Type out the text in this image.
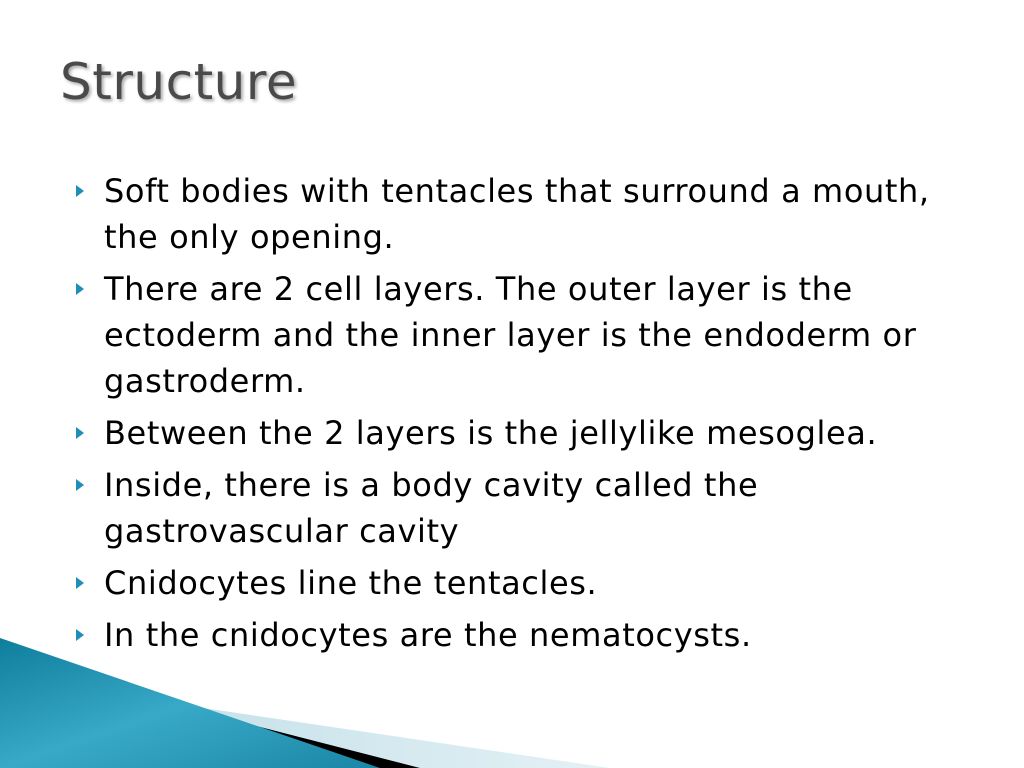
Structure
Soft bodies with tentacles that surround a mouth, the only opening.
There are 2 cell layers. The outer layer is the ectoderm and the inner layer is the endoderm or gastroderm.
Between the 2 layers is the jellylike mesoglea.
Inside, there is a body cavity called the gastrovascular cavity
Cnidocytes line the tentacles.
In the cnidocytes are the nematocysts.
